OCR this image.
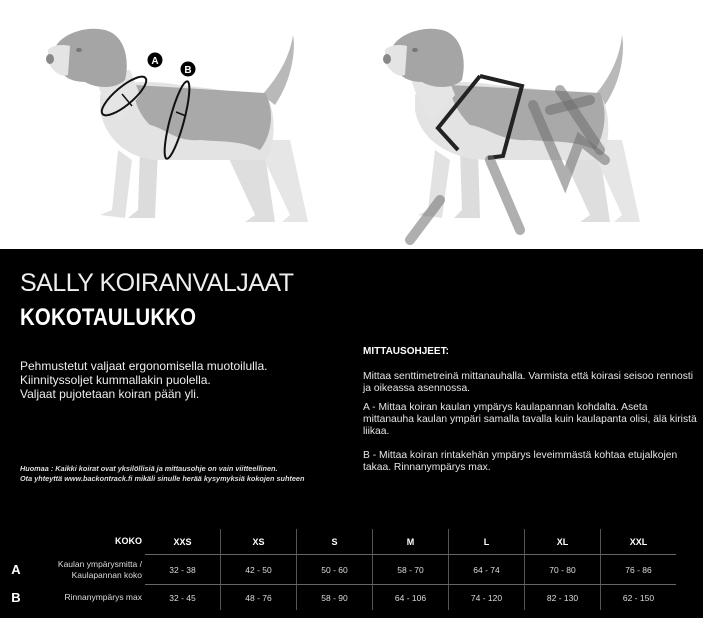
A
B
SALLY KOIRANVALJAAT
KOKOTAULUKKO
Pehmustetut valjaat ergonomisella muotoilulla.
Kiinnityssoljet kummallakin puolella.
Valjaat pujotetaan koiran pään yli.
Huomaa : Kaikki koirat ovat yksilöllisiä ja mittausohje on vain viitteellinen.
Ota yhteyttä www.backontrack.fi mikäli sinulle herää kysymyksiä kokojen suhteen
MITTAUSOHJEET:

Mittaa senttimetreinä mittanauhalla. Varmista että koirasi seisoo rennosti ja oikeassa asennossa.

A - Mittaa koiran kaulan ympärys kaulapannan kohdalta. Aseta mittanauha kaulan ympäri samalla tavalla kuin kaulapanta olisi, älä kiristä liikaa.

B - Mittaa koiran rintakehän ympärys leveimmästä kohtaa etujalkojen takaa. Rinnanympärys max.

	KOKO	XXS	XS	S	M	L	XL	XXL
A	Kaulan ympärysmitta /
Kaulapannan koko	32 - 38	42 - 50	50 - 60	58 - 70	64 - 74	70 - 80	76 - 86
B	Rinnanympärys max	32 - 45	48 - 76	58 - 90	64 - 106	74 - 120	82 - 130	62 - 150
